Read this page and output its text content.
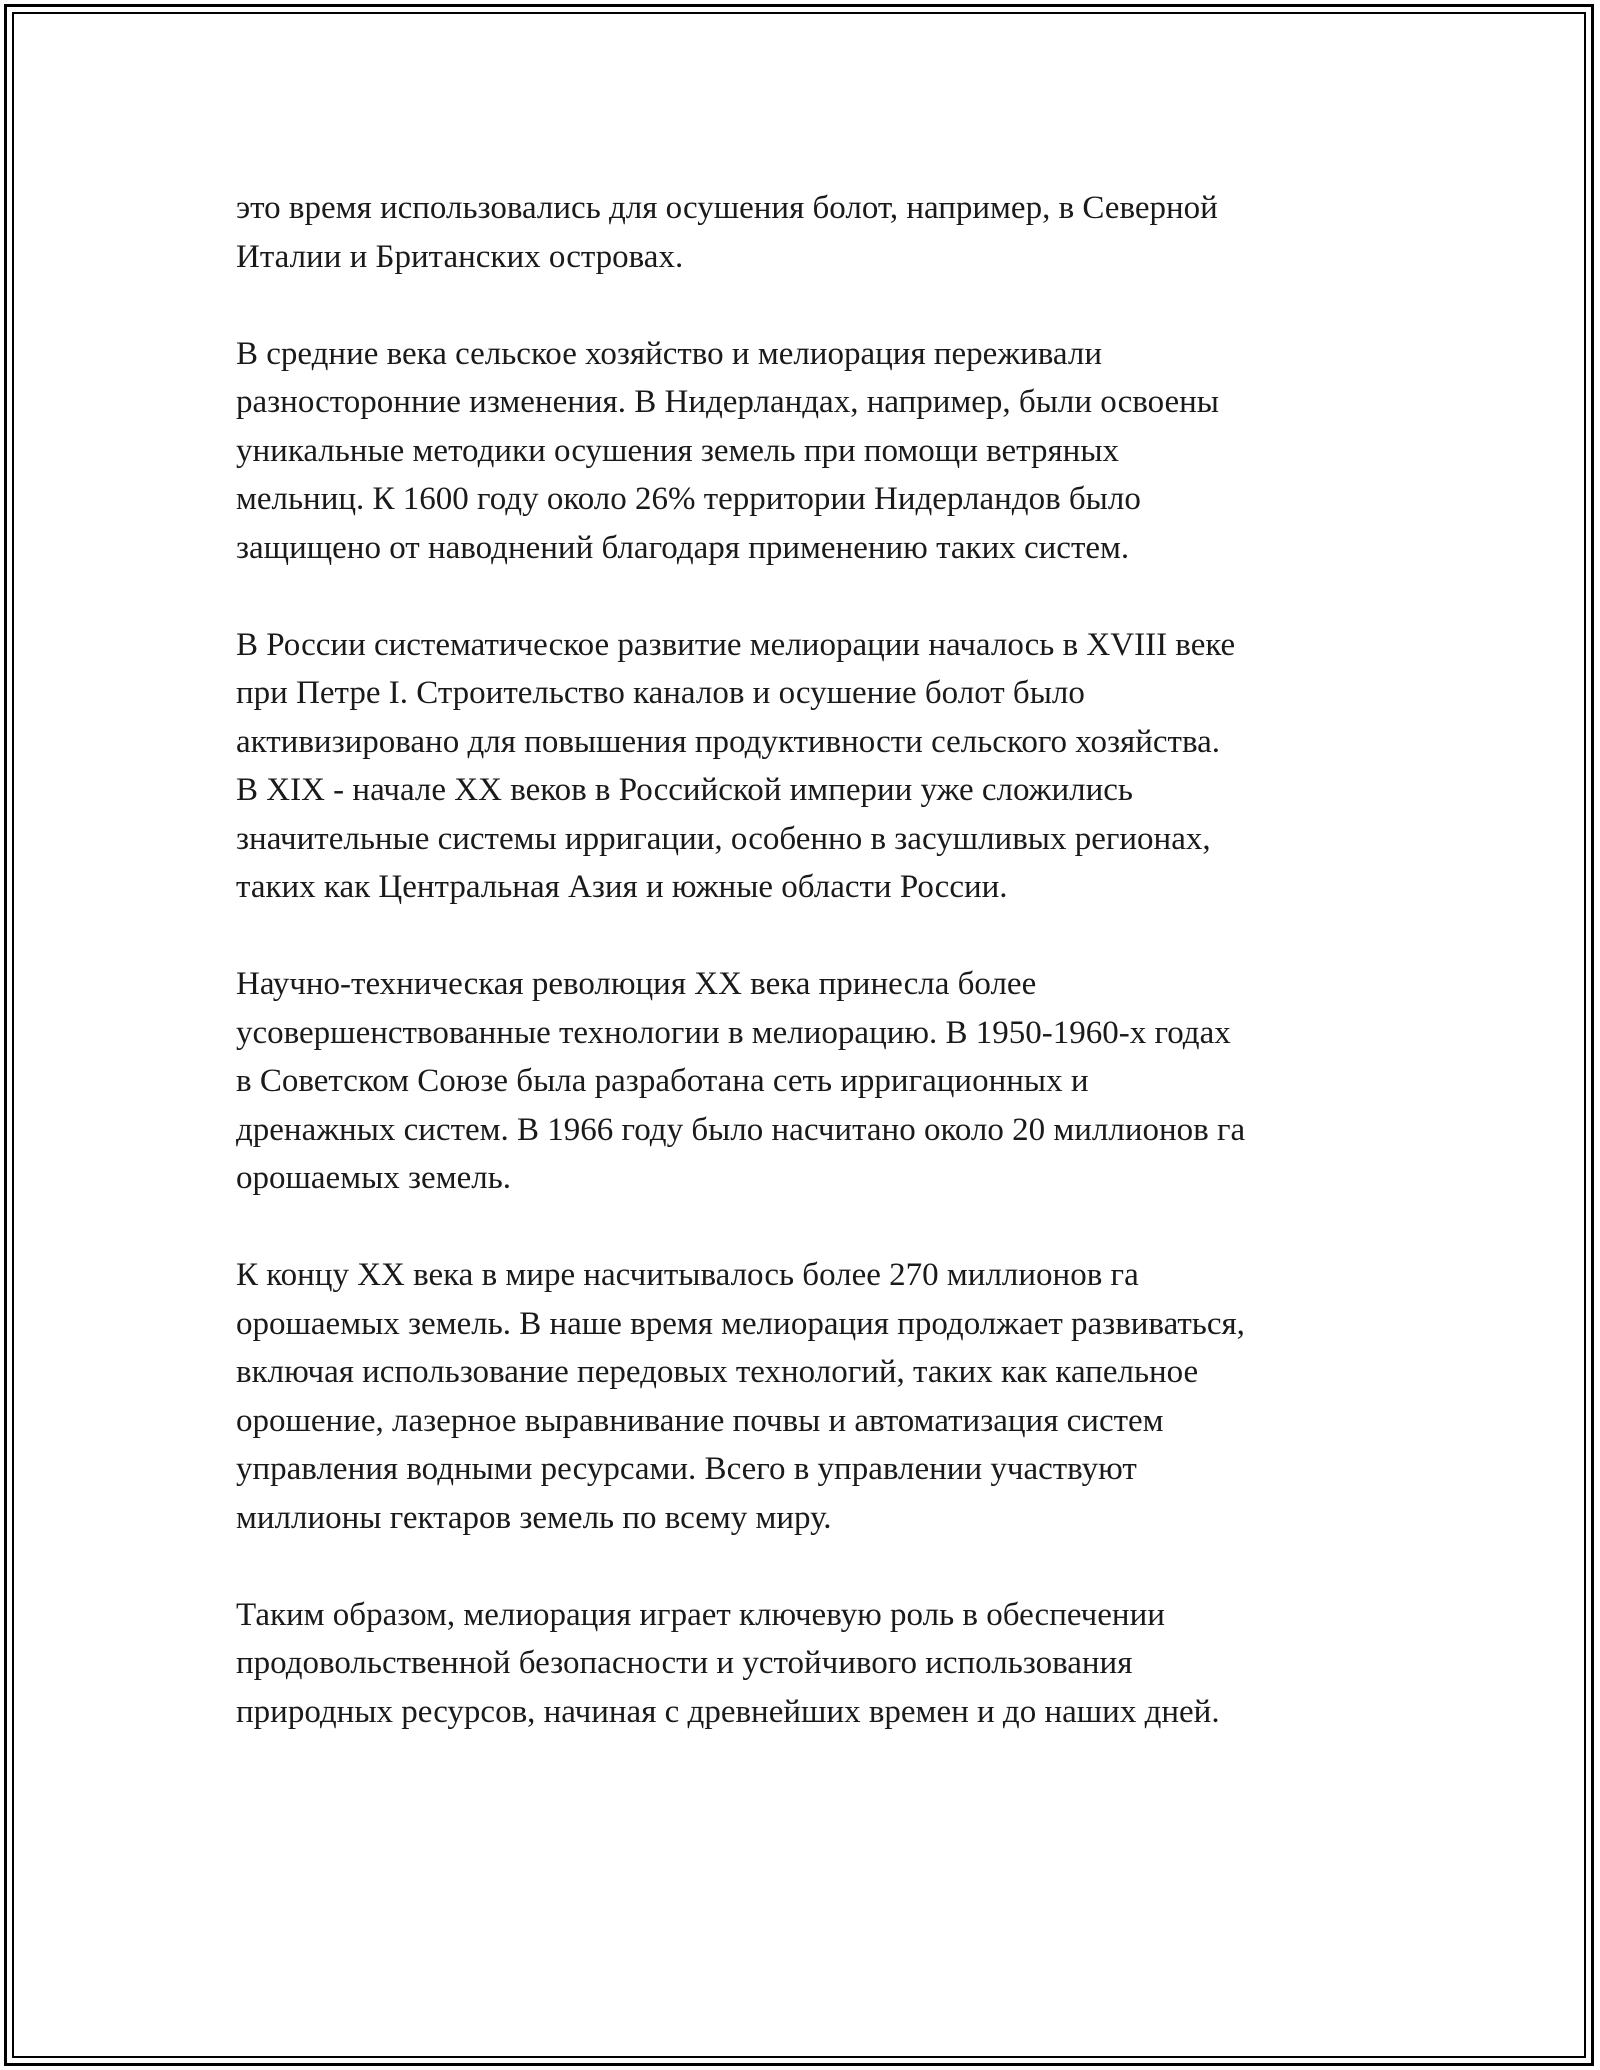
это время использовались для осушения болот, например, в Северной
Италии и Британских островах.

В средние века сельское хозяйство и мелиорация переживали
разносторонние изменения. В Нидерландах, например, были освоены
уникальные методики осушения земель при помощи ветряных
мельниц. К 1600 году около 26% территории Нидерландов было
защищено от наводнений благодаря применению таких систем.

В России систематическое развитие мелиорации началось в XVIII веке
при Петре I. Строительство каналов и осушение болот было
активизировано для повышения продуктивности сельского хозяйства.
В XIX - начале XX веков в Российской империи уже сложились
значительные системы ирригации, особенно в засушливых регионах,
таких как Центральная Азия и южные области России.

Научно-техническая революция XX века принесла более
усовершенствованные технологии в мелиорацию. В 1950-1960-х годах
в Советском Союзе была разработана сеть ирригационных и
дренажных систем. В 1966 году было насчитано около 20 миллионов га
орошаемых земель.

К концу XX века в мире насчитывалось более 270 миллионов га
орошаемых земель. В наше время мелиорация продолжает развиваться,
включая использование передовых технологий, таких как капельное
орошение, лазерное выравнивание почвы и автоматизация систем
управления водными ресурсами. Всего в управлении участвуют
миллионы гектаров земель по всему миру.

Таким образом, мелиорация играет ключевую роль в обеспечении
продовольственной безопасности и устойчивого использования
природных ресурсов, начиная с древнейших времен и до наших дней.
